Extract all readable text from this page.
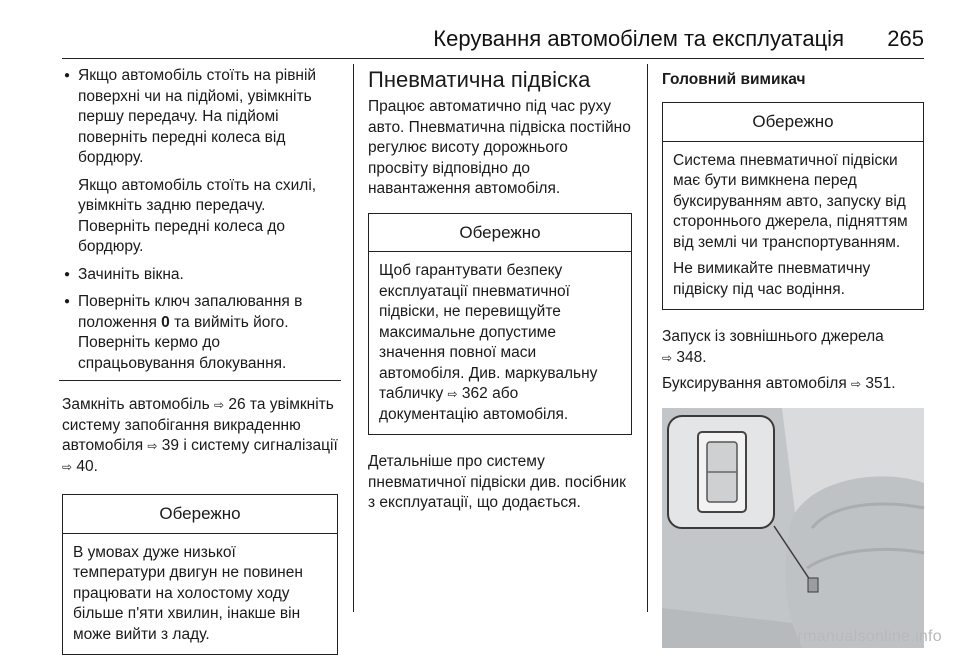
Керування автомобілем та експлуатація 265

● Якщо автомобіль стоїть на рівній поверхні чи на підйомі, увімкніть першу передачу. На підйомі поверніть передні колеса від бордюру.

Якщо автомобіль стоїть на схилі, увімкніть задню передачу. Поверніть передні колеса до бордюру.

● Зачиніть вікна.

● Поверніть ключ запалювання в положення 0 та вийміть його. Поверніть кермо до спрацьовування блокування.

Замкніть автомобіль ⇨ 26 та увімкніть систему запобігання викраденню автомобіля ⇨ 39 і систему сигналізації ⇨ 40.

Обережно

В умовах дуже низької температури двигун не повинен працювати на холостому ходу більше п'яти хвилин, інакше він може вийти з ладу.

Пневматична підвіска

Працює автоматично під час руху авто. Пневматична підвіска постійно регулює висоту дорожнього просвіту відповідно до навантаження автомобіля.

Обережно

Щоб гарантувати безпеку експлуатації пневматичної підвіски, не перевищуйте максимальне допустиме значення повної маси автомобіля. Див. маркувальну табличку ⇨ 362 або документацію автомобіля.

Детальніше про систему пневматичної підвіски див. посібник з експлуатації, що додається.

Головний вимикач
Обережно

Система пневматичної підвіски має бути вимкнена перед буксируванням авто, запуску від стороннього джерела, підняттям від землі чи транспортуванням.

Не вимикайте пневматичну підвіску під час водіння.

Запуск із зовнішнього джерела
⇨ 348.

Буксирування автомобіля ⇨ 351.

carmanualsonline.info
